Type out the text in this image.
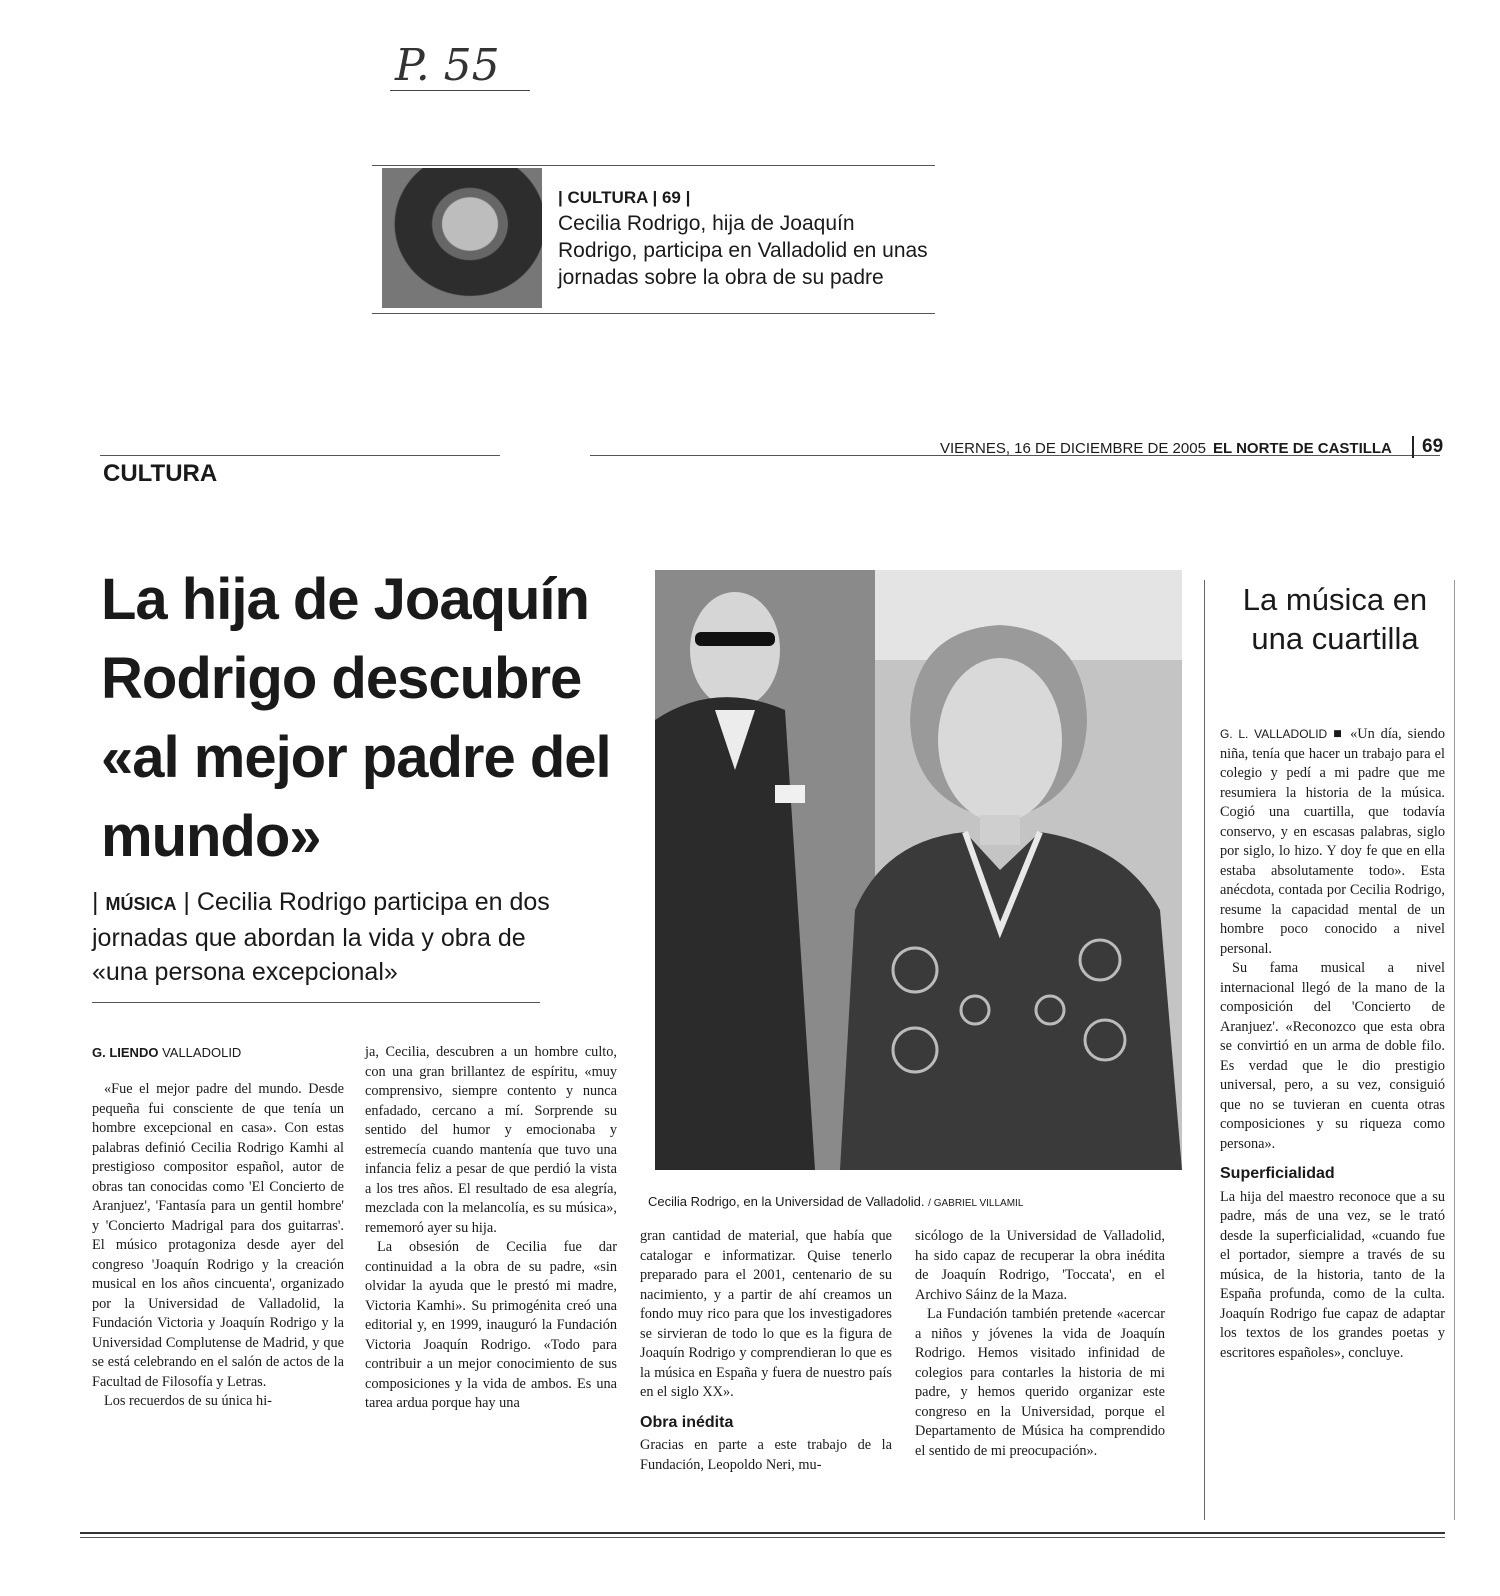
P. 55
| CULTURA | 69 |
Cecilia Rodrigo, hija de Joaquín Rodrigo, participa en Valladolid en unas jornadas sobre la obra de su padre
CULTURA
VIERNES, 16 DE DICIEMBRE DE 2005 EL NORTE DE CASTILLA	69
La hija de Joaquín Rodrigo descubre «al mejor padre del mundo»
| MÚSICA | Cecilia Rodrigo participa en dos jornadas que abordan la vida y obra de «una persona excepcional»
G. LIENDO VALLADOLID

«Fue el mejor padre del mundo. Desde pequeña fui consciente de que tenía un hombre excepcional en casa». Con estas palabras definió Cecilia Rodrigo Kamhi al prestigioso compositor español, autor de obras tan conocidas como 'El Concierto de Aranjuez', 'Fantasía para un gentil hombre' y 'Concierto Madrigal para dos guitarras'. El músico protagoniza desde ayer del congreso 'Joaquín Rodrigo y la creación musical en los años cincuenta', organizado por la Universidad de Valladolid, la Fundación Victoria y Joaquín Rodrigo y la Universidad Complutense de Madrid, y que se está celebrando en el salón de actos de la Facultad de Filosofía y Letras.

Los recuerdos de su única hi-

ja, Cecilia, descubren a un hombre culto, con una gran brillantez de espíritu, «muy comprensivo, siempre contento y nunca enfadado, cercano a mí. Sorprende su sentido del humor y emocionaba y estremecía cuando mantenía que tuvo una infancia feliz a pesar de que perdió la vista a los tres años. El resultado de esa alegría, mezclada con la melancolía, es su música», rememoró ayer su hija.

La obsesión de Cecilia fue dar continuidad a la obra de su padre, «sin olvidar la ayuda que le prestó mi madre, Victoria Kamhi». Su primogénita creó una editorial y, en 1999, inauguró la Fundación Victoria Joaquín Rodrigo. «Todo para contribuir a un mejor conocimiento de sus composiciones y la vida de ambos. Es una tarea ardua porque hay una

gran cantidad de material, que había que catalogar e informatizar. Quise tenerlo preparado para el 2001, centenario de su nacimiento, y a partir de ahí creamos un fondo muy rico para que los investigadores se sirvieran de todo lo que es la figura de Joaquín Rodrigo y comprendieran lo que es la música en España y fuera de nuestro país en el siglo XX».

Obra inédita

Gracias en parte a este trabajo de la Fundación, Leopoldo Neri, mu-

sicólogo de la Universidad de Valladolid, ha sido capaz de recuperar la obra inédita de Joaquín Rodrigo, 'Toccata', en el Archivo Sáinz de la Maza.

La Fundación también pretende «acercar a niños y jóvenes la vida de Joaquín Rodrigo. Hemos visitado infinidad de colegios para contarles la historia de mi padre, y hemos querido organizar este congreso en la Universidad, porque el Departamento de Música ha comprendido el sentido de mi preocupación».

Cecilia Rodrigo, en la Universidad de Valladolid. / GABRIEL VILLAMIL
La música en una cuartilla

G. L. VALLADOLID ■ «Un día, siendo niña, tenía que hacer un trabajo para el colegio y pedí a mi padre que me resumiera la historia de la música. Cogió una cuartilla, que todavía conservo, y en escasas palabras, siglo por siglo, lo hizo. Y doy fe que en ella estaba absolutamente todo». Esta anécdota, contada por Cecilia Rodrigo, resume la capacidad mental de un hombre poco conocido a nivel personal.

Su fama musical a nivel internacional llegó de la mano de la composición del 'Concierto de Aranjuez'. «Reconozco que esta obra se convirtió en un arma de doble filo. Es verdad que le dio prestigio universal, pero, a su vez, consiguió que no se tuvieran en cuenta otras composiciones y su riqueza como persona».

Superficialidad

La hija del maestro reconoce que a su padre, más de una vez, se le trató desde la superficialidad, «cuando fue el portador, siempre a través de su música, de la historia, tanto de la España profunda, como de la culta. Joaquín Rodrigo fue capaz de adaptar los textos de los grandes poetas y escritores españoles», concluye.
